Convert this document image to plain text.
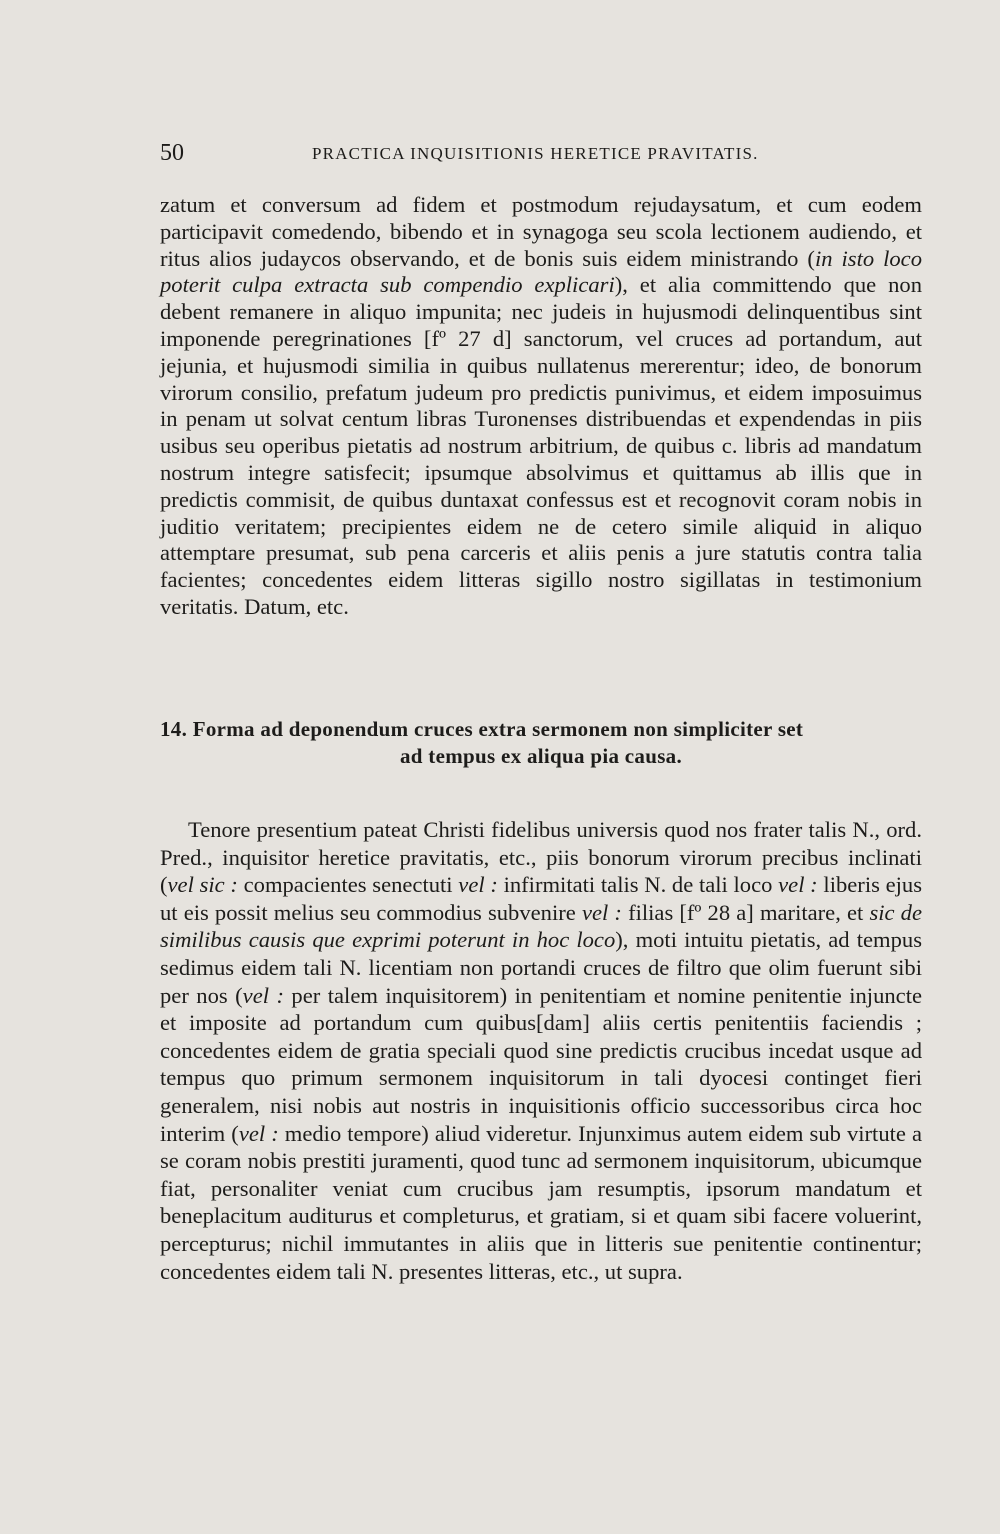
50	PRACTICA INQUISITIONIS HERETICE PRAVITATIS.

zatum et conversum ad fidem et postmodum rejudaysatum, et cum eodem participavit comedendo, bibendo et in synagoga seu scola lectionem audiendo, et ritus alios judaycos observando, et de bonis suis eidem ministrando (in isto loco poterit culpa extracta sub compendio explicari), et alia committendo que non debent remanere in aliquo impunita; nec judeis in hujusmodi delinquentibus sint imponende peregrinationes [fº 27 d] sanctorum, vel cruces ad portandum, aut jejunia, et hujusmodi similia in quibus nullatenus mererentur; ideo, de bonorum virorum consilio, prefatum judeum pro predictis punivimus, et eidem imposuimus in penam ut solvat centum libras Turonenses distribuendas et expendendas in piis usibus seu operibus pietatis ad nostrum arbitrium, de quibus c. libris ad mandatum nostrum integre satisfecit; ipsumque absolvimus et quittamus ab illis que in predictis commisit, de quibus duntaxat confessus est et recognovit coram nobis in juditio veritatem; precipientes eidem ne de cetero simile aliquid in aliquo attemptare presumat, sub pena carceris et aliis penis a jure statutis contra talia facientes; concedentes eidem litteras sigillo nostro sigillatas in testimonium veritatis. Datum, etc.

14. Forma ad deponendum cruces extra sermonem non simpliciter set
ad tempus ex aliqua pia causa.

Tenore presentium pateat Christi fidelibus universis quod nos frater talis N., ord. Pred., inquisitor heretice pravitatis, etc., piis bonorum virorum precibus inclinati (vel sic : compacientes senectuti vel : infirmitati talis N. de tali loco vel : liberis ejus ut eis possit melius seu commodius subvenire vel : filias [fº 28 a] maritare, et sic de similibus causis que exprimi poterunt in hoc loco), moti intuitu pietatis, ad tempus sedimus eidem tali N. licentiam non portandi cruces de filtro que olim fuerunt sibi per nos (vel : per talem inquisitorem) in penitentiam et nomine penitentie injuncte et imposite ad portandum cum quibus[dam] aliis certis penitentiis faciendis ; concedentes eidem de gratia speciali quod sine predictis crucibus incedat usque ad tempus quo primum sermonem inquisitorum in tali dyocesi continget fieri generalem, nisi nobis aut nostris in inquisitionis officio successoribus circa hoc interim (vel : medio tempore) aliud videretur. Injunximus autem eidem sub virtute a se coram nobis prestiti juramenti, quod tunc ad sermonem inquisitorum, ubicumque fiat, personaliter veniat cum crucibus jam resumptis, ipsorum mandatum et beneplacitum auditurus et completurus, et gratiam, si et quam sibi facere voluerint, percepturus; nichil immutantes in aliis que in litteris sue penitentie continentur; concedentes eidem tali N. presentes litteras, etc., ut supra.
